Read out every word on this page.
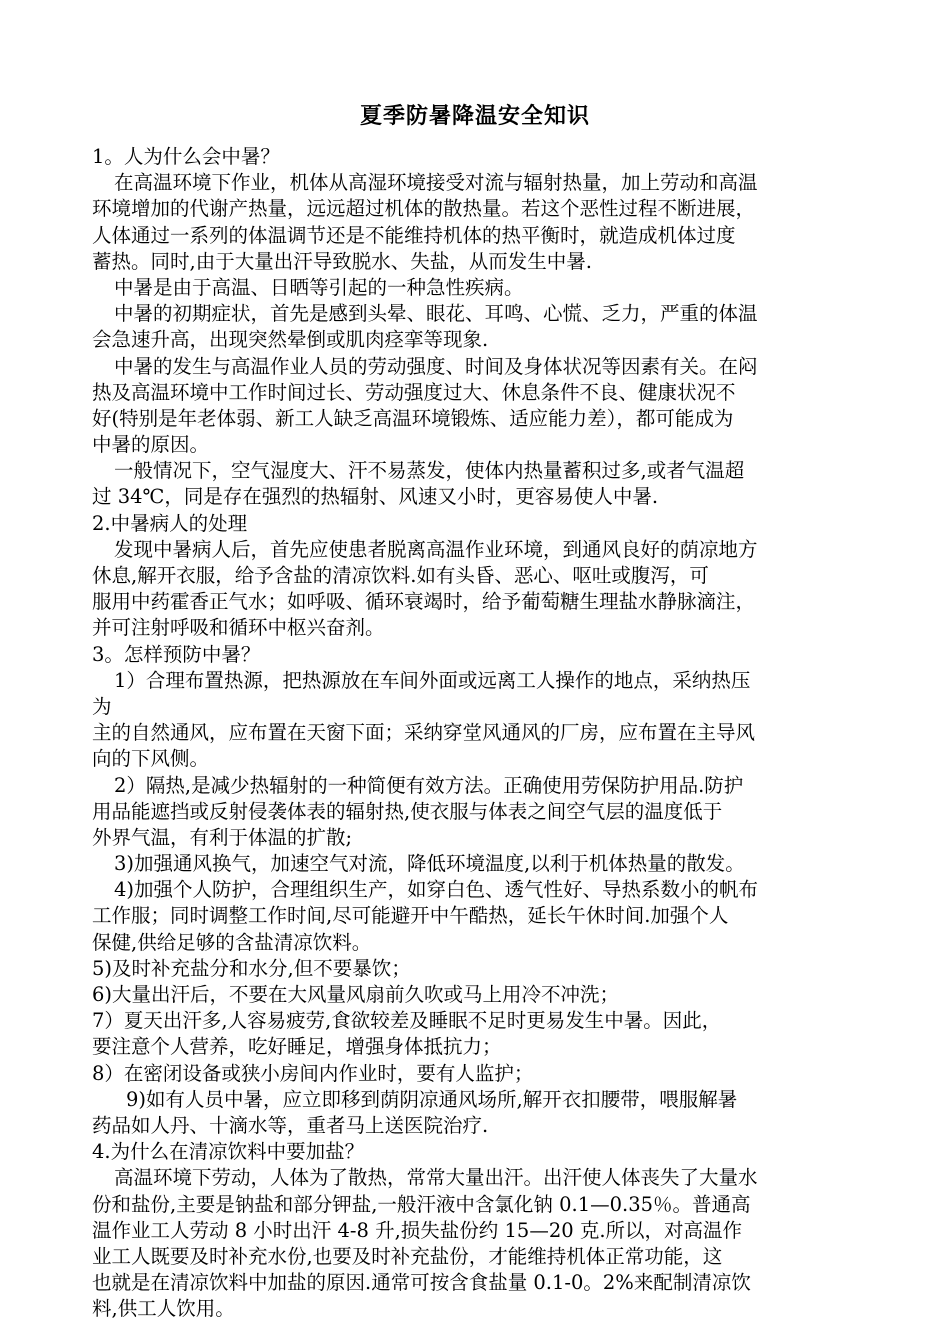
夏季防暑降温安全知识
1。人为什么会中暑？
在高温环境下作业，机体从高湿环境接受对流与辐射热量，加上劳动和高温
环境增加的代谢产热量，远远超过机体的散热量。若这个恶性过程不断进展，
人体通过一系列的体温调节还是不能维持机体的热平衡时，就造成机体过度
蓄热。同时,由于大量出汗导致脱水、失盐，从而发生中暑.
中暑是由于高温、日晒等引起的一种急性疾病。
中暑的初期症状，首先是感到头晕、眼花、耳鸣、心慌、乏力，严重的体温
会急速升高，出现突然晕倒或肌肉痉挛等现象.
中暑的发生与高温作业人员的劳动强度、时间及身体状况等因素有关。在闷
热及高温环境中工作时间过长、劳动强度过大、休息条件不良、健康状况不
好(特别是年老体弱、新工人缺乏高温环境锻炼、适应能力差），都可能成为
中暑的原因。
一般情况下，空气湿度大、汗不易蒸发，使体内热量蓄积过多,或者气温超
过 34℃，同是存在强烈的热辐射、风速又小时，更容易使人中暑.
2.中暑病人的处理
发现中暑病人后，首先应使患者脱离高温作业环境，到通风良好的荫凉地方
休息,解开衣服，给予含盐的清凉饮料.如有头昏、恶心、呕吐或腹泻，可
服用中药霍香正气水；如呼吸、循环衰竭时，给予葡萄糖生理盐水静脉滴注，
并可注射呼吸和循环中枢兴奋剂。
3。怎样预防中暑？
1）合理布置热源，把热源放在车间外面或远离工人操作的地点，采纳热压
为
主的自然通风，应布置在天窗下面；采纳穿堂风通风的厂房，应布置在主导风
向的下风侧。
2）隔热,是减少热辐射的一种简便有效方法。正确使用劳保防护用品.防护
用品能遮挡或反射侵袭体表的辐射热,使衣服与体表之间空气层的温度低于
外界气温，有利于体温的扩散;
3)加强通风换气，加速空气对流，降低环境温度,以利于机体热量的散发。
4)加强个人防护，合理组织生产，如穿白色、透气性好、导热系数小的帆布
工作服；同时调整工作时间,尽可能避开中午酷热，延长午休时间.加强个人
保健,供给足够的含盐清凉饮料。
5)及时补充盐分和水分,但不要暴饮；
6)大量出汗后，不要在大风量风扇前久吹或马上用冷不冲洗；
7）夏天出汗多,人容易疲劳,食欲较差及睡眠不足时更易发生中暑。因此，
要注意个人营养，吃好睡足，增强身体抵抗力；
8）在密闭设备或狭小房间内作业时，要有人监护；
9)如有人员中暑，应立即移到荫阴凉通风场所,解开衣扣腰带，喂服解暑
药品如人丹、十滴水等，重者马上送医院治疗.
4.为什么在清凉饮料中要加盐？
高温环境下劳动，人体为了散热，常常大量出汗。出汗使人体丧失了大量水
份和盐份,主要是钠盐和部分钾盐,一般汗液中含氯化钠 0.1—0.35％。普通高
温作业工人劳动 8 小时出汗 4-8 升,损失盐份约 15—20 克.所以，对高温作
业工人既要及时补充水份,也要及时补充盐份，才能维持机体正常功能，这
也就是在清凉饮料中加盐的原因.通常可按含食盐量 0.1-0。2%来配制清凉饮
料,供工人饮用。
